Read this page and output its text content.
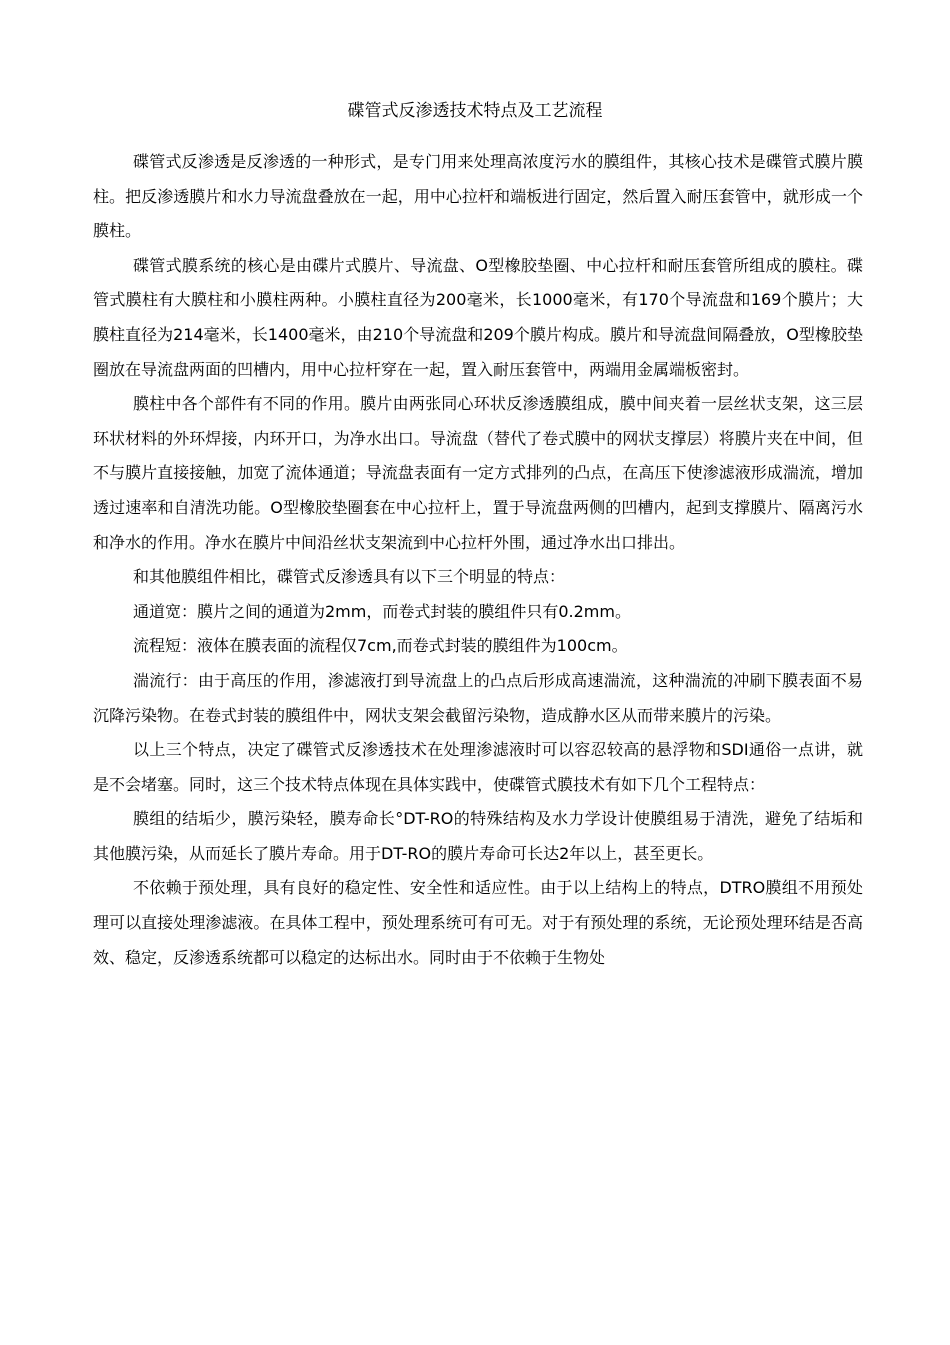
碟管式反渗透技术特点及工艺流程

碟管式反渗透是反渗透的一种形式，是专门用来处理高浓度污水的膜组件，其核心技术是碟管式膜片膜柱。把反渗透膜片和水力导流盘叠放在一起，用中心拉杆和端板进行固定，然后置入耐压套管中，就形成一个膜柱。

碟管式膜系统的核心是由碟片式膜片、导流盘、O型橡胶垫圈、中心拉杆和耐压套管所组成的膜柱。碟管式膜柱有大膜柱和小膜柱两种。小膜柱直径为200毫米，长1000毫米，有170个导流盘和169个膜片；大膜柱直径为214毫米，长1400毫米，由210个导流盘和209个膜片构成。膜片和导流盘间隔叠放，O型橡胶垫圈放在导流盘两面的凹槽内，用中心拉杆穿在一起，置入耐压套管中，两端用金属端板密封。

膜柱中各个部件有不同的作用。膜片由两张同心环状反渗透膜组成，膜中间夹着一层丝状支架，这三层环状材料的外环焊接，内环开口，为净水出口。导流盘（替代了卷式膜中的网状支撑层）将膜片夹在中间，但不与膜片直接接触，加宽了流体通道；导流盘表面有一定方式排列的凸点，在高压下使渗滤液形成湍流，增加透过速率和自清洗功能。O型橡胶垫圈套在中心拉杆上，置于导流盘两侧的凹槽内，起到支撑膜片、隔离污水和净水的作用。净水在膜片中间沿丝状支架流到中心拉杆外围，通过净水出口排出。

和其他膜组件相比，碟管式反渗透具有以下三个明显的特点：

通道宽：膜片之间的通道为2mm，而卷式封装的膜组件只有0.2mm。

流程短：液体在膜表面的流程仅7cm,而卷式封装的膜组件为100cm。

湍流行：由于高压的作用，渗滤液打到导流盘上的凸点后形成高速湍流，这种湍流的冲刷下膜表面不易沉降污染物。在卷式封装的膜组件中，网状支架会截留污染物，造成静水区从而带来膜片的污染。

以上三个特点，决定了碟管式反渗透技术在处理渗滤液时可以容忍较高的悬浮物和SDI通俗一点讲，就是不会堵塞。同时，这三个技术特点体现在具体实践中，使碟管式膜技术有如下几个工程特点：

膜组的结垢少，膜污染轻，膜寿命长°DT-RO的特殊结构及水力学设计使膜组易于清洗，避免了结垢和其他膜污染，从而延长了膜片寿命。用于DT-RO的膜片寿命可长达2年以上，甚至更长。

不依赖于预处理，具有良好的稳定性、安全性和适应性。由于以上结构上的特点，DTRO膜组不用预处理可以直接处理渗滤液。在具体工程中，预处理系统可有可无。对于有预处理的系统，无论预处理环结是否高效、稳定，反渗透系统都可以稳定的达标出水。同时由于不依赖于生物处
